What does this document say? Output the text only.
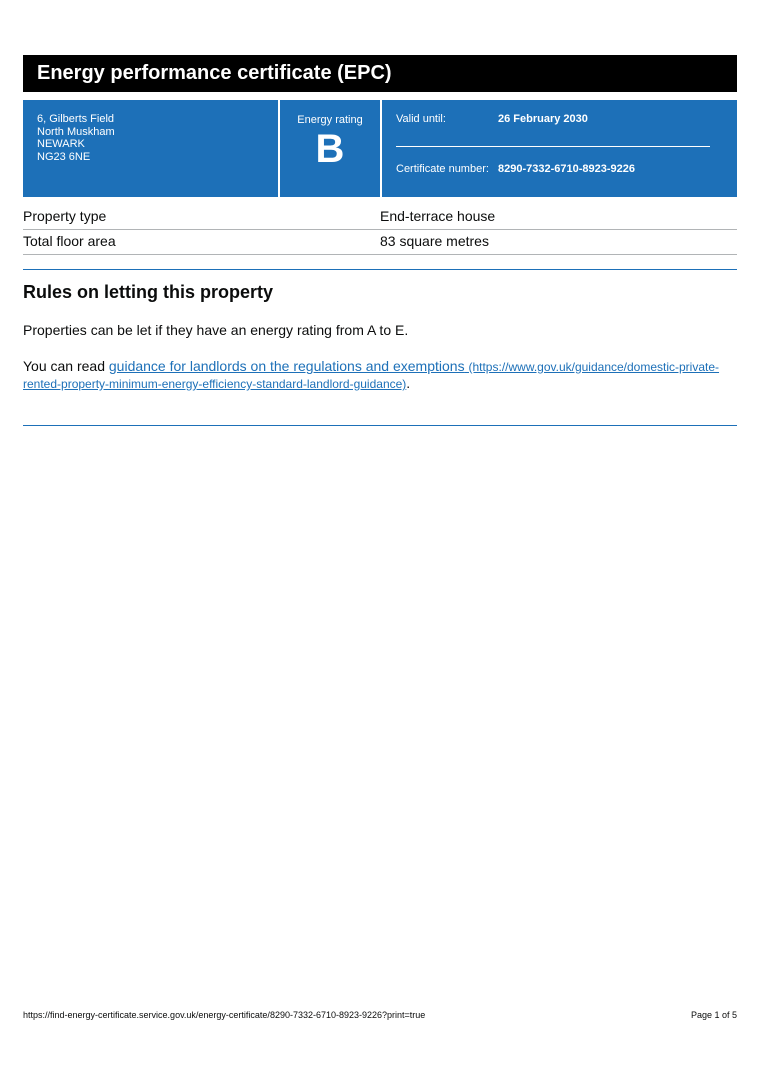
Energy performance certificate (EPC)
6, Gilberts Field
North Muskham
NEWARK
NG23 6NE
Energy rating
B
Valid until:	26 February 2030
Certificate number: 8290-7332-6710-8923-9226
Property type	End-terrace house
Total floor area	83 square metres
Rules on letting this property

Properties can be let if they have an energy rating from A to E.

You can read guidance for landlords on the regulations and exemptions (https://www.gov.uk/guidance/domestic-private-rented-property-minimum-energy-efficiency-standard-landlord-guidance).

https://find-energy-certificate.service.gov.uk/energy-certificate/8290-7332-6710-8923-9226?print=true	Page 1 of 5
